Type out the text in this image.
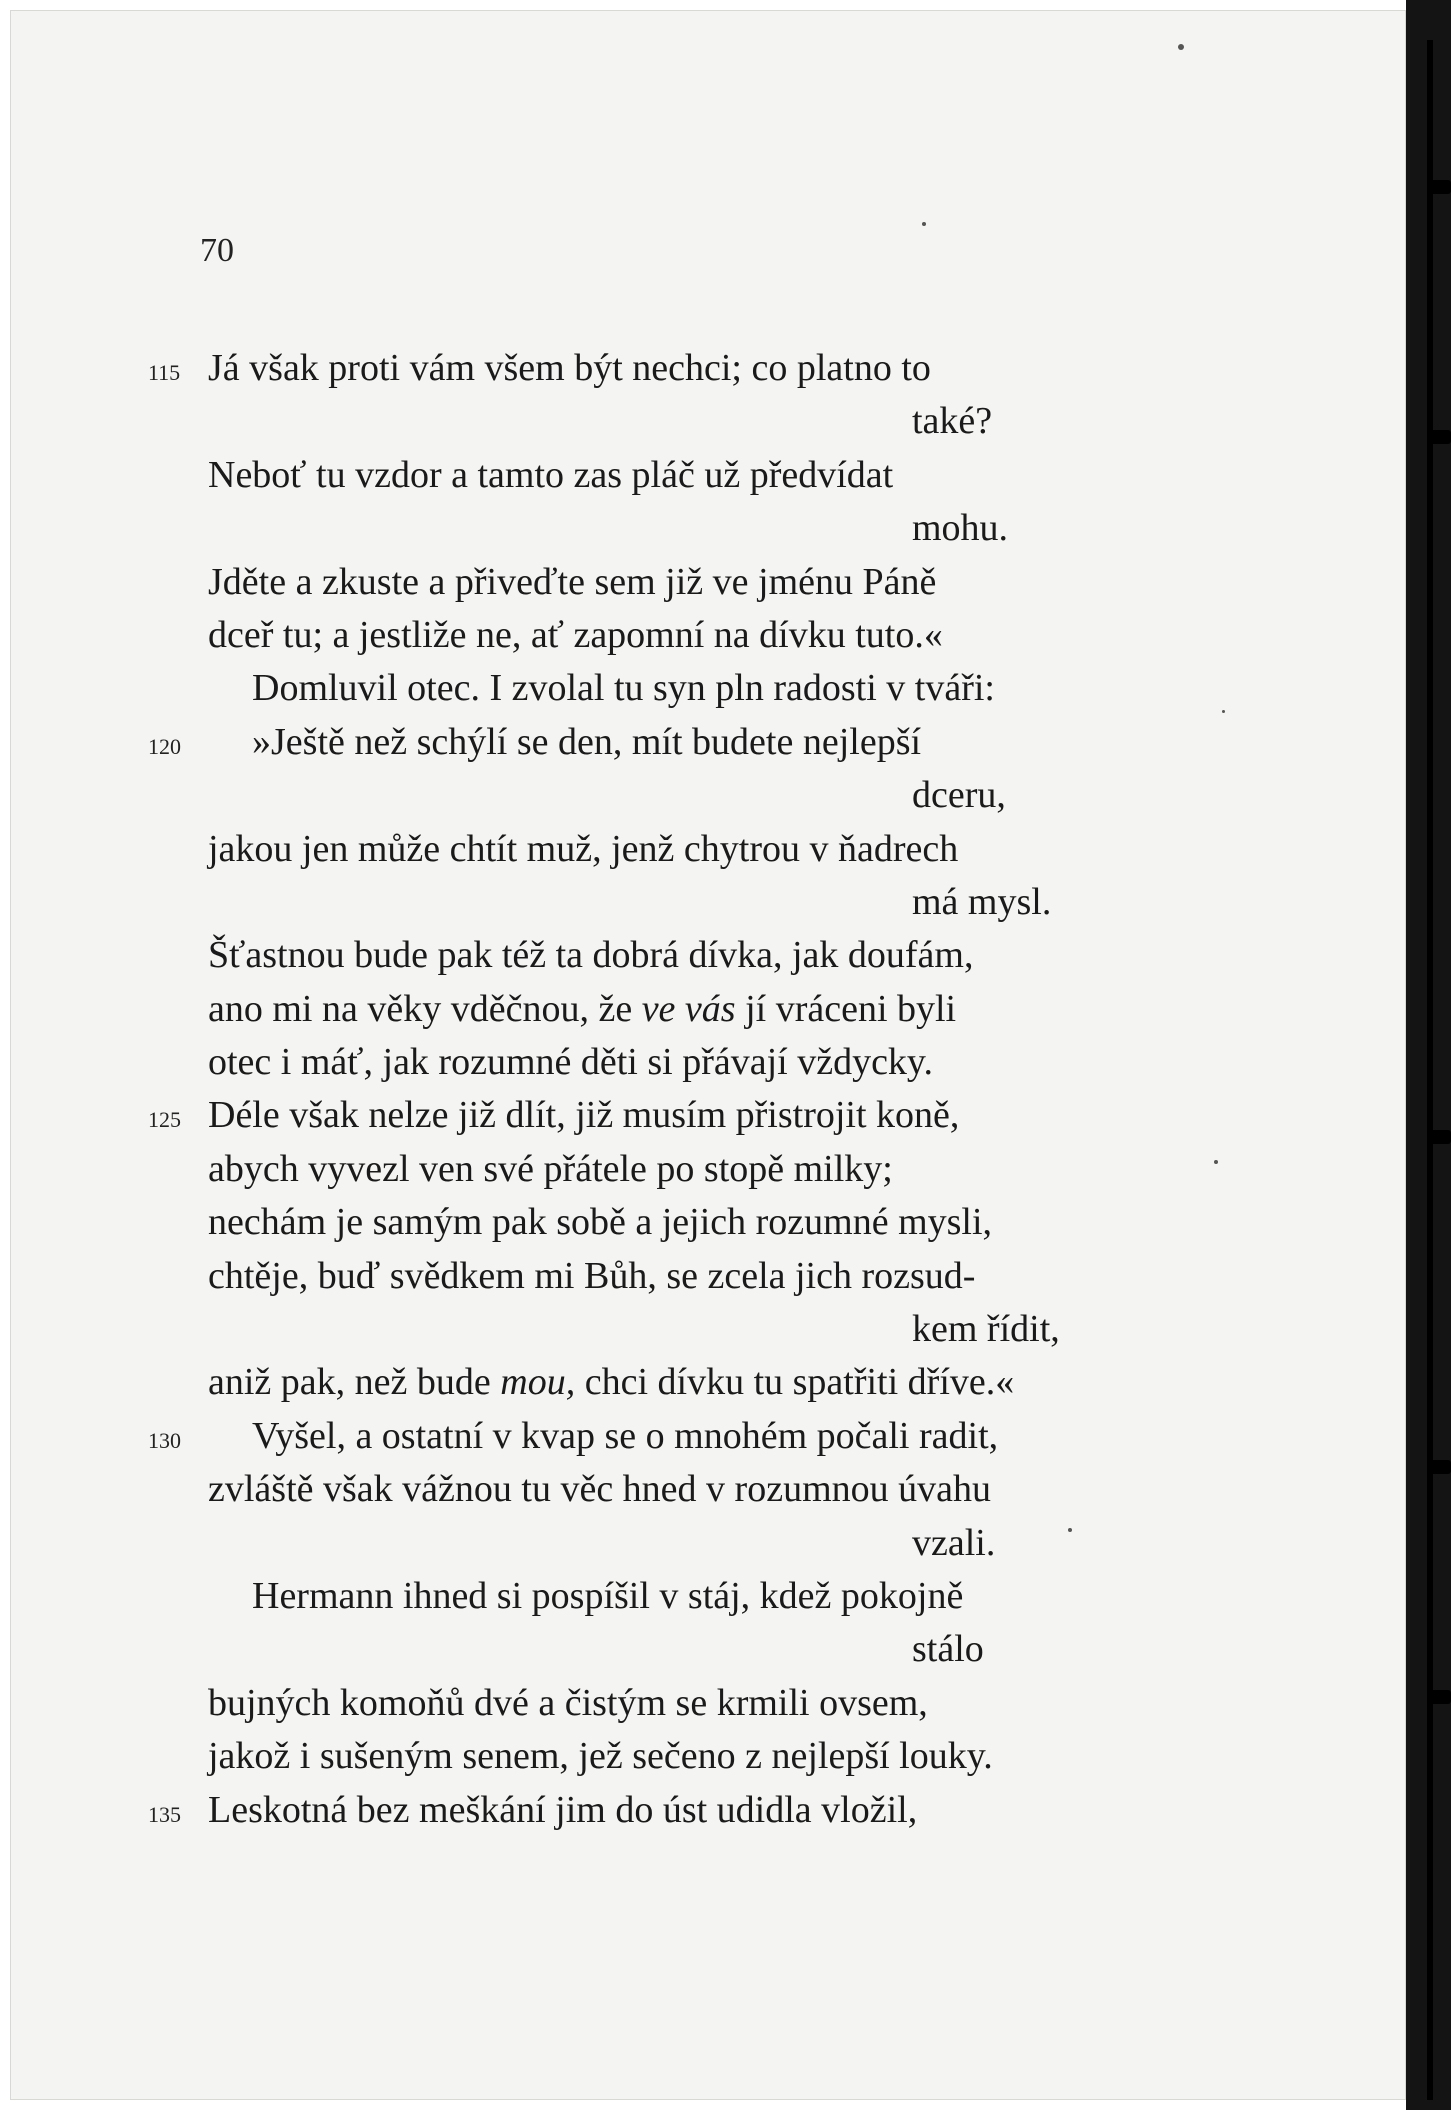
70
115 Já však proti vám všem být nechci; co platno to
také?
Neboť tu vzdor a tamto zas pláč už předvídat
mohu.
Jděte a zkuste a přiveďte sem již ve jménu Páně
dceř tu; a jestliže ne, ať zapomní na dívku tuto.«
Domluvil otec. I zvolal tu syn pln radosti v tváři:
120	»Ještě než schýlí se den, mít budete nejlepší
dceru,
jakou jen může chtít muž, jenž chytrou v ňadrech
má mysl.
Šťastnou bude pak též ta dobrá dívka, jak doufám,
ano mi na věky vděčnou, že ve vás jí vráceni byli
otec i máť, jak rozumné děti si přávají vždycky.
125 Déle však nelze již dlít, již musím přistrojit koně,
abych vyvezl ven své přátele po stopě milky;
nechám je samým pak sobě a jejich rozumné mysli,
chtěje, buď svědkem mi Bůh, se zcela jich rozsud-
kem řídit,
aniž pak, než bude mou, chci dívku tu spatřiti dříve.«
130	Vyšel, a ostatní v kvap se o mnohém počali radit,
zvláště však vážnou tu věc hned v rozumnou úvahu
vzali.
Hermann ihned si pospíšil v stáj, kdež pokojně
stálo
bujných komoňů dvé a čistým se krmili ovsem,
jakož i sušeným senem, jež sečeno z nejlepší louky.
135 Leskotná bez meškání jim do úst udidla vložil,
